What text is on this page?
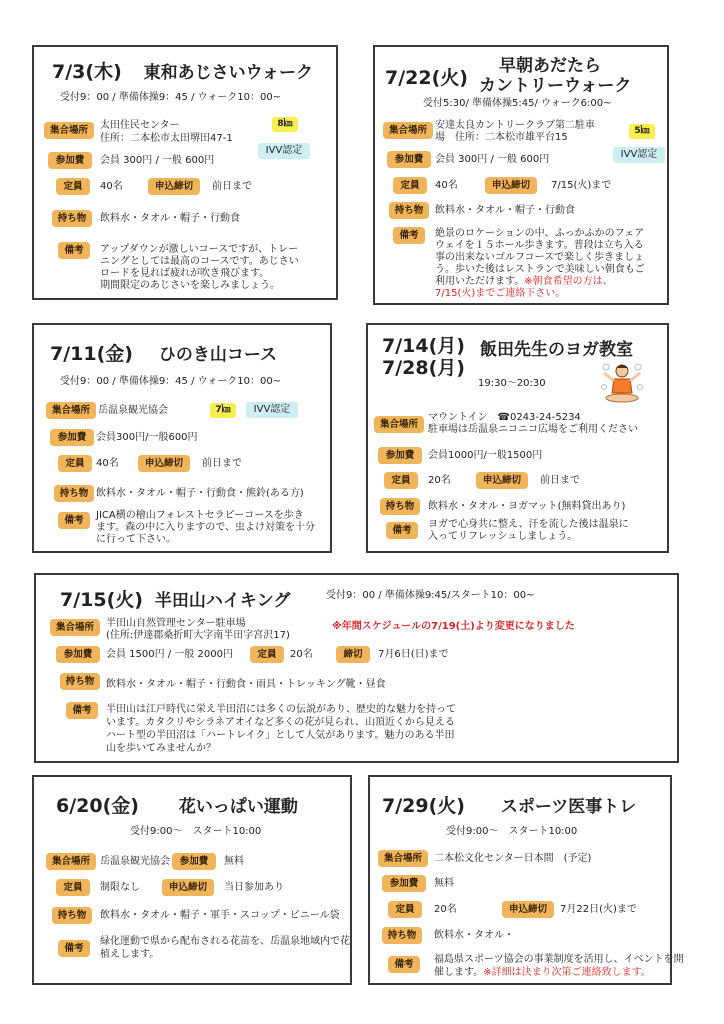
7/3(木) 東和あじさいウォーク
受付9：00 / 準備体操9：45 / ウォーク10：00~
集合場所	太田住民センター
住所：二本松市太田堺田47-1
8㎞
IVV認定
参加費	会員 300円 / 一般 600円
定員	40名	申込締切	前日まで
持ち物	飲料水・タオル・帽子・行動食
備考	アップダウンが激しいコースですが、トレー
ニングとしては最高のコースです。あじさい
ロードを見れば疲れが吹き飛びます。
期間限定のあじさいを楽しみましょう。
7/22(火)
早朝あだたら
カントリーウォーク
受付5:30/ 準備体操5:45/ ウォーク6:00~
集合場所 安達太良カントリークラブ第二駐車
場　住所：二本松市雄平台15
5㎞
参加費	会員 300円 / 一般 600円	IVV認定
定員	40名	申込締切	7/15(火)まで
持ち物	飲料水・タオル・帽子・行動食
備考	絶景のロケーションの中、ふっかふかのフェア
ウェイを１５ホール歩きます。普段は立ち入る
事の出来ないゴルフコースで楽しく歩きましょ
う。歩いた後はレストランで美味しい朝食もご
利用いただけます。※朝食希望の方は、
7/15(火)までご連絡下さい。
7/11(金) ひのき山コース
受付9：00 / 準備体操9：45 / ウォーク10：00~
集合場所 岳温泉観光協会	7㎞	IVV認定
参加費 会員300円/一般600円
定員	40名	申込締切	前日まで
持ち物 飲料水・タオル・帽子・行動食・熊鈴(ある方)
備考	JICA横の檜山フォレストセラピーコースを歩き
ます。森の中に入りますので、虫よけ対策を十分
に行って下さい。
7/14(月)
7/28(月)
飯田先生のヨガ教室
19:30～20:30
集合場所
マウントイン　☎0243-24-5234
駐車場は岳温泉ニコニコ広場をご利用ください
参加費	会員1000円/一般1500円
定員	20名	申込締切	前日まで
持ち物	飲料水・タオル・ヨガマット(無料貸出あり)
備考
ヨガで心身共に整え、汗を流した後は温泉に
入ってリフレッシュしましょう。
7/15(火) 半田山ハイキング	受付9：00 / 準備体操9:45/スタート10：00~
集合場所	半田山自然管理センター駐車場
(住所:伊達郡桑折町大字南半田字宮沢17)
※年間スケジュールの7/19(土)より変更になりました
参加費	会員 1500円 / 一般 2000円	定員	20名	締切	7月6日(日)まで
持ち物	飲料水・タオル・帽子・行動食・雨具・トレッキング靴・昼食
備考	半田山は江戸時代に栄え半田沼には多くの伝説があり、歴史的な魅力を持って
います。カタクリやシラネアオイなど多くの花が見られ、山頂近くから見える
ハート型の半田沼は「ハートレイク」として人気があります。魅力のある半田
山を歩いてみませんか？
6/20(金) 花いっぱい運動
受付9:00～　スタート10:00
集合場所	岳温泉観光協会	参加費	無料
定員	制限なし	申込締切	当日参加あり
持ち物	飲料水・タオル・帽子・軍手・スコップ・ビニール袋
備考
緑化運動で県から配布される花苗を、岳温泉地域内で花
植えします。
7/29(火) スポーツ医事トレ
受付9:00～　スタート10:00
集合場所	二本松文化センター日本間　(予定)
参加費	無料
定員	20名	申込締切	7月22日(火)まで
持ち物	飲料水・タオル・
備考	福島県スポーツ協会の事業制度を活用し、イベントを開
催します。※詳細は決まり次第ご連絡致します。
